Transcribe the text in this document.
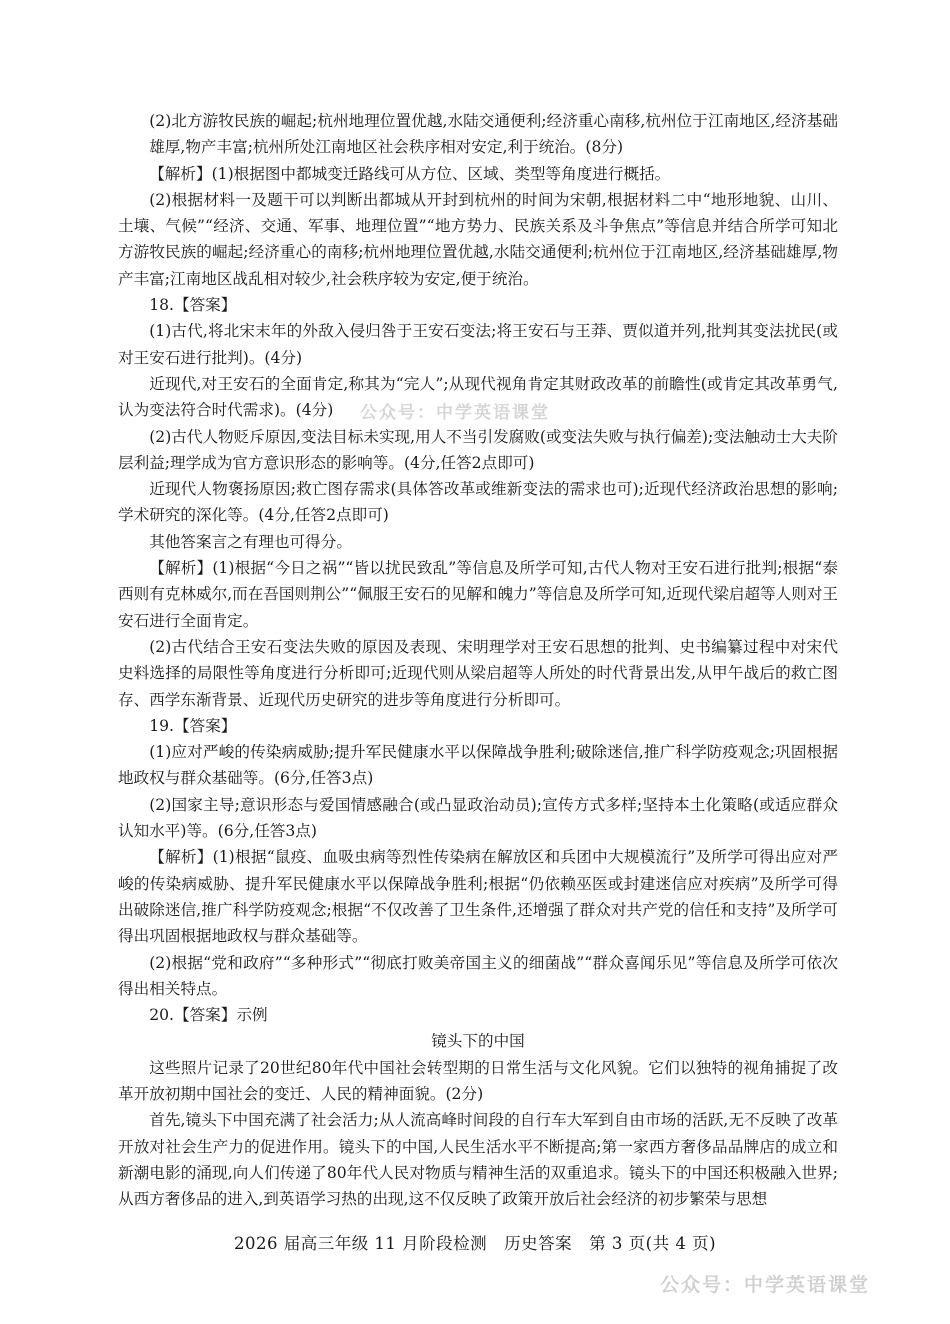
(2)北方游牧民族的崛起;杭州地理位置优越,水陆交通便利;经济重心南移,杭州位于江南地区,经济基础雄厚,物产丰富;杭州所处江南地区社会秩序相对安定,利于统治。(8分)

【解析】(1)根据图中都城变迁路线可从方位、区域、类型等角度进行概括。

(2)根据材料一及题干可以判断出都城从开封到杭州的时间为宋朝,根据材料二中“地形地貌、山川、土壤、气候”“经济、交通、军事、地理位置”“地方势力、民族关系及斗争焦点”等信息并结合所学可知北方游牧民族的崛起;经济重心的南移;杭州地理位置优越,水陆交通便利;杭州位于江南地区,经济基础雄厚,物产丰富;江南地区战乱相对较少,社会秩序较为安定,便于统治。

18.【答案】

(1)古代,将北宋末年的外敌入侵归咎于王安石变法;将王安石与王莽、贾似道并列,批判其变法扰民(或对王安石进行批判)。(4分)

近现代,对王安石的全面肯定,称其为“完人”;从现代视角肯定其财政改革的前瞻性(或肯定其改革勇气,认为变法符合时代需求)。(4分)

(2)古代人物贬斥原因,变法目标未实现,用人不当引发腐败(或变法失败与执行偏差);变法触动士大夫阶层利益;理学成为官方意识形态的影响等。(4分,任答2点即可)

近现代人物褒扬原因;救亡图存需求(具体答改革或维新变法的需求也可);近现代经济政治思想的影响;学术研究的深化等。(4分,任答2点即可)

其他答案言之有理也可得分。

【解析】(1)根据“今日之祸”“皆以扰民致乱”等信息及所学可知,古代人物对王安石进行批判;根据“泰西则有克林威尔,而在吾国则荆公”“佩服王安石的见解和魄力”等信息及所学可知,近现代梁启超等人则对王安石进行全面肯定。

(2)古代结合王安石变法失败的原因及表现、宋明理学对王安石思想的批判、史书编纂过程中对宋代史料选择的局限性等角度进行分析即可;近现代则从梁启超等人所处的时代背景出发,从甲午战后的救亡图存、西学东渐背景、近现代历史研究的进步等角度进行分析即可。

19.【答案】

(1)应对严峻的传染病威胁;提升军民健康水平以保障战争胜利;破除迷信,推广科学防疫观念;巩固根据地政权与群众基础等。(6分,任答3点)

(2)国家主导;意识形态与爱国情感融合(或凸显政治动员);宣传方式多样;坚持本土化策略(或适应群众认知水平)等。(6分,任答3点)

【解析】(1)根据“鼠疫、血吸虫病等烈性传染病在解放区和兵团中大规模流行”及所学可得出应对严峻的传染病威胁、提升军民健康水平以保障战争胜利;根据“仍依赖巫医或封建迷信应对疾病”及所学可得出破除迷信,推广科学防疫观念;根据“不仅改善了卫生条件,还增强了群众对共产党的信任和支持”及所学可得出巩固根据地政权与群众基础等。

(2)根据“党和政府”“多种形式”“彻底打败美帝国主义的细菌战”“群众喜闻乐见”等信息及所学可依次得出相关特点。

20.【答案】示例

镜头下的中国

这些照片记录了20世纪80年代中国社会转型期的日常生活与文化风貌。它们以独特的视角捕捉了改革开放初期中国社会的变迁、人民的精神面貌。(2分)

首先,镜头下中国充满了社会活力;从人流高峰时间段的自行车大军到自由市场的活跃,无不反映了改革开放对社会生产力的促进作用。镜头下的中国,人民生活水平不断提高;第一家西方奢侈品品牌店的成立和新潮电影的涌现,向人们传递了80年代人民对物质与精神生活的双重追求。镜头下的中国还积极融入世界;从西方奢侈品的进入,到英语学习热的出现,这不仅反映了政策开放后社会经济的初步繁荣与思想

公众号：中学英语课堂
2026 届高三年级 11 月阶段检测　历史答案　第 3 页(共 4 页)
公众号：中学英语课堂
